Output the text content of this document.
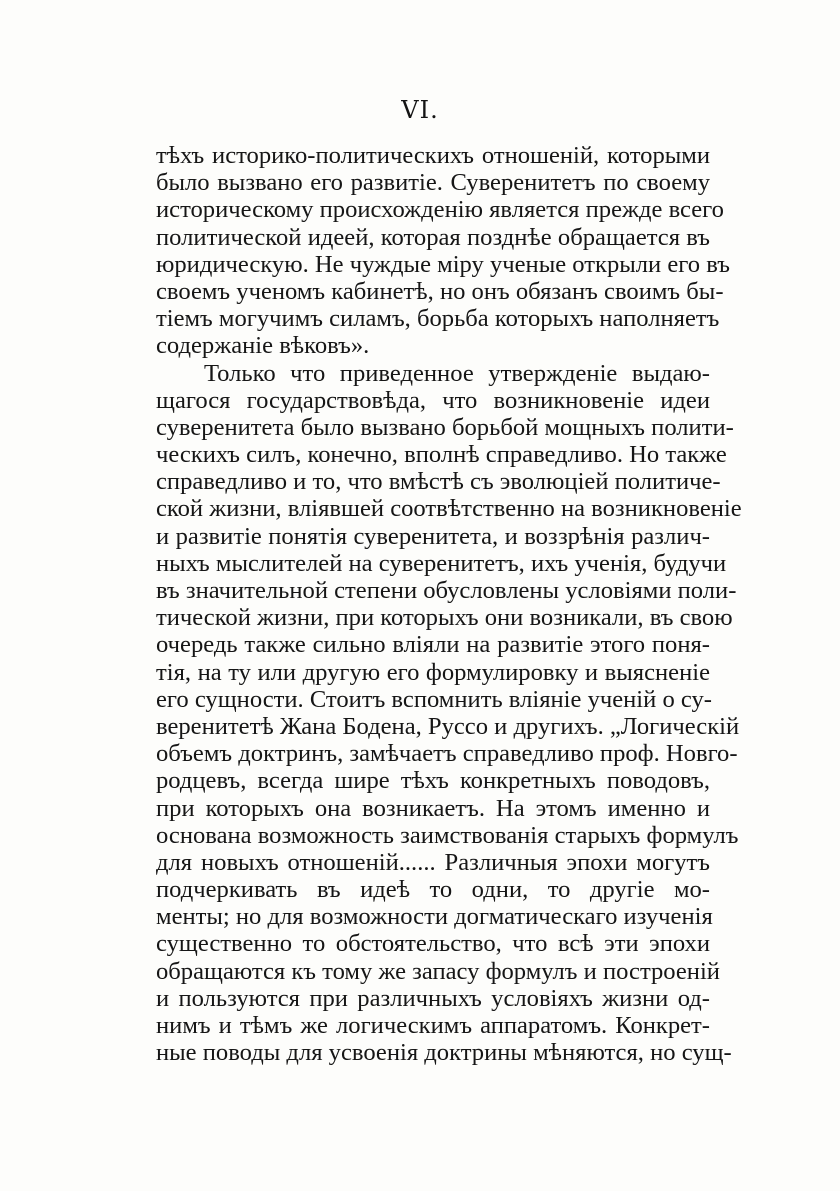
VI.
тѣхъ историко-политическихъ отношеній, которыми
было вызвано его развитіе. Суверенитетъ по своему
историческому происхожденію является прежде всего
политической идеей, которая позднѣе обращается въ
юридическую. Не чуждые міру ученые открыли его въ
своемъ ученомъ кабинетѣ, но онъ обязанъ своимъ бы-
тіемъ могучимъ силамъ, борьба которыхъ наполняетъ
содержаніе вѣковъ».
Только что приведенное утвержденіе выдаю-
щагося государствовѣда, что возникновеніе идеи
суверенитета было вызвано борьбой мощныхъ полити-
ческихъ силъ, конечно, вполнѣ справедливо. Но также
справедливо и то, что вмѣстѣ съ эволюціей политиче-
ской жизни, вліявшей соотвѣтственно на возникновеніе
и развитіе понятія суверенитета, и воззрѣнія различ-
ныхъ мыслителей на суверенитетъ, ихъ ученія, будучи
въ значительной степени обусловлены условіями поли-
тической жизни, при которыхъ они возникали, въ свою
очередь также сильно вліяли на развитіе этого поня-
тія, на ту или другую его формулировку и выясненіе
его сущности. Стоитъ вспомнить вліяніе ученій о су-
веренитетѣ Жана Бодена, Руссо и другихъ. „Логическій
объемъ доктринъ, замѣчаетъ справедливо проф. Новго-
родцевъ, всегда шире тѣхъ конкретныхъ поводовъ,
при которыхъ она возникаетъ. На этомъ именно и
основана возможность заимствованія старыхъ формулъ
для новыхъ отношеній...... Различныя эпохи могутъ
подчеркивать въ идеѣ то одни, то другіе мо-
менты; но для возможности догматическаго изученія
существенно то обстоятельство, что всѣ эти эпохи
обращаются къ тому же запасу формулъ и построеній
и пользуются при различныхъ условіяхъ жизни од-
нимъ и тѣмъ же логическимъ аппаратомъ. Конкрет-
ные поводы для усвоенія доктрины мѣняются, но сущ-
